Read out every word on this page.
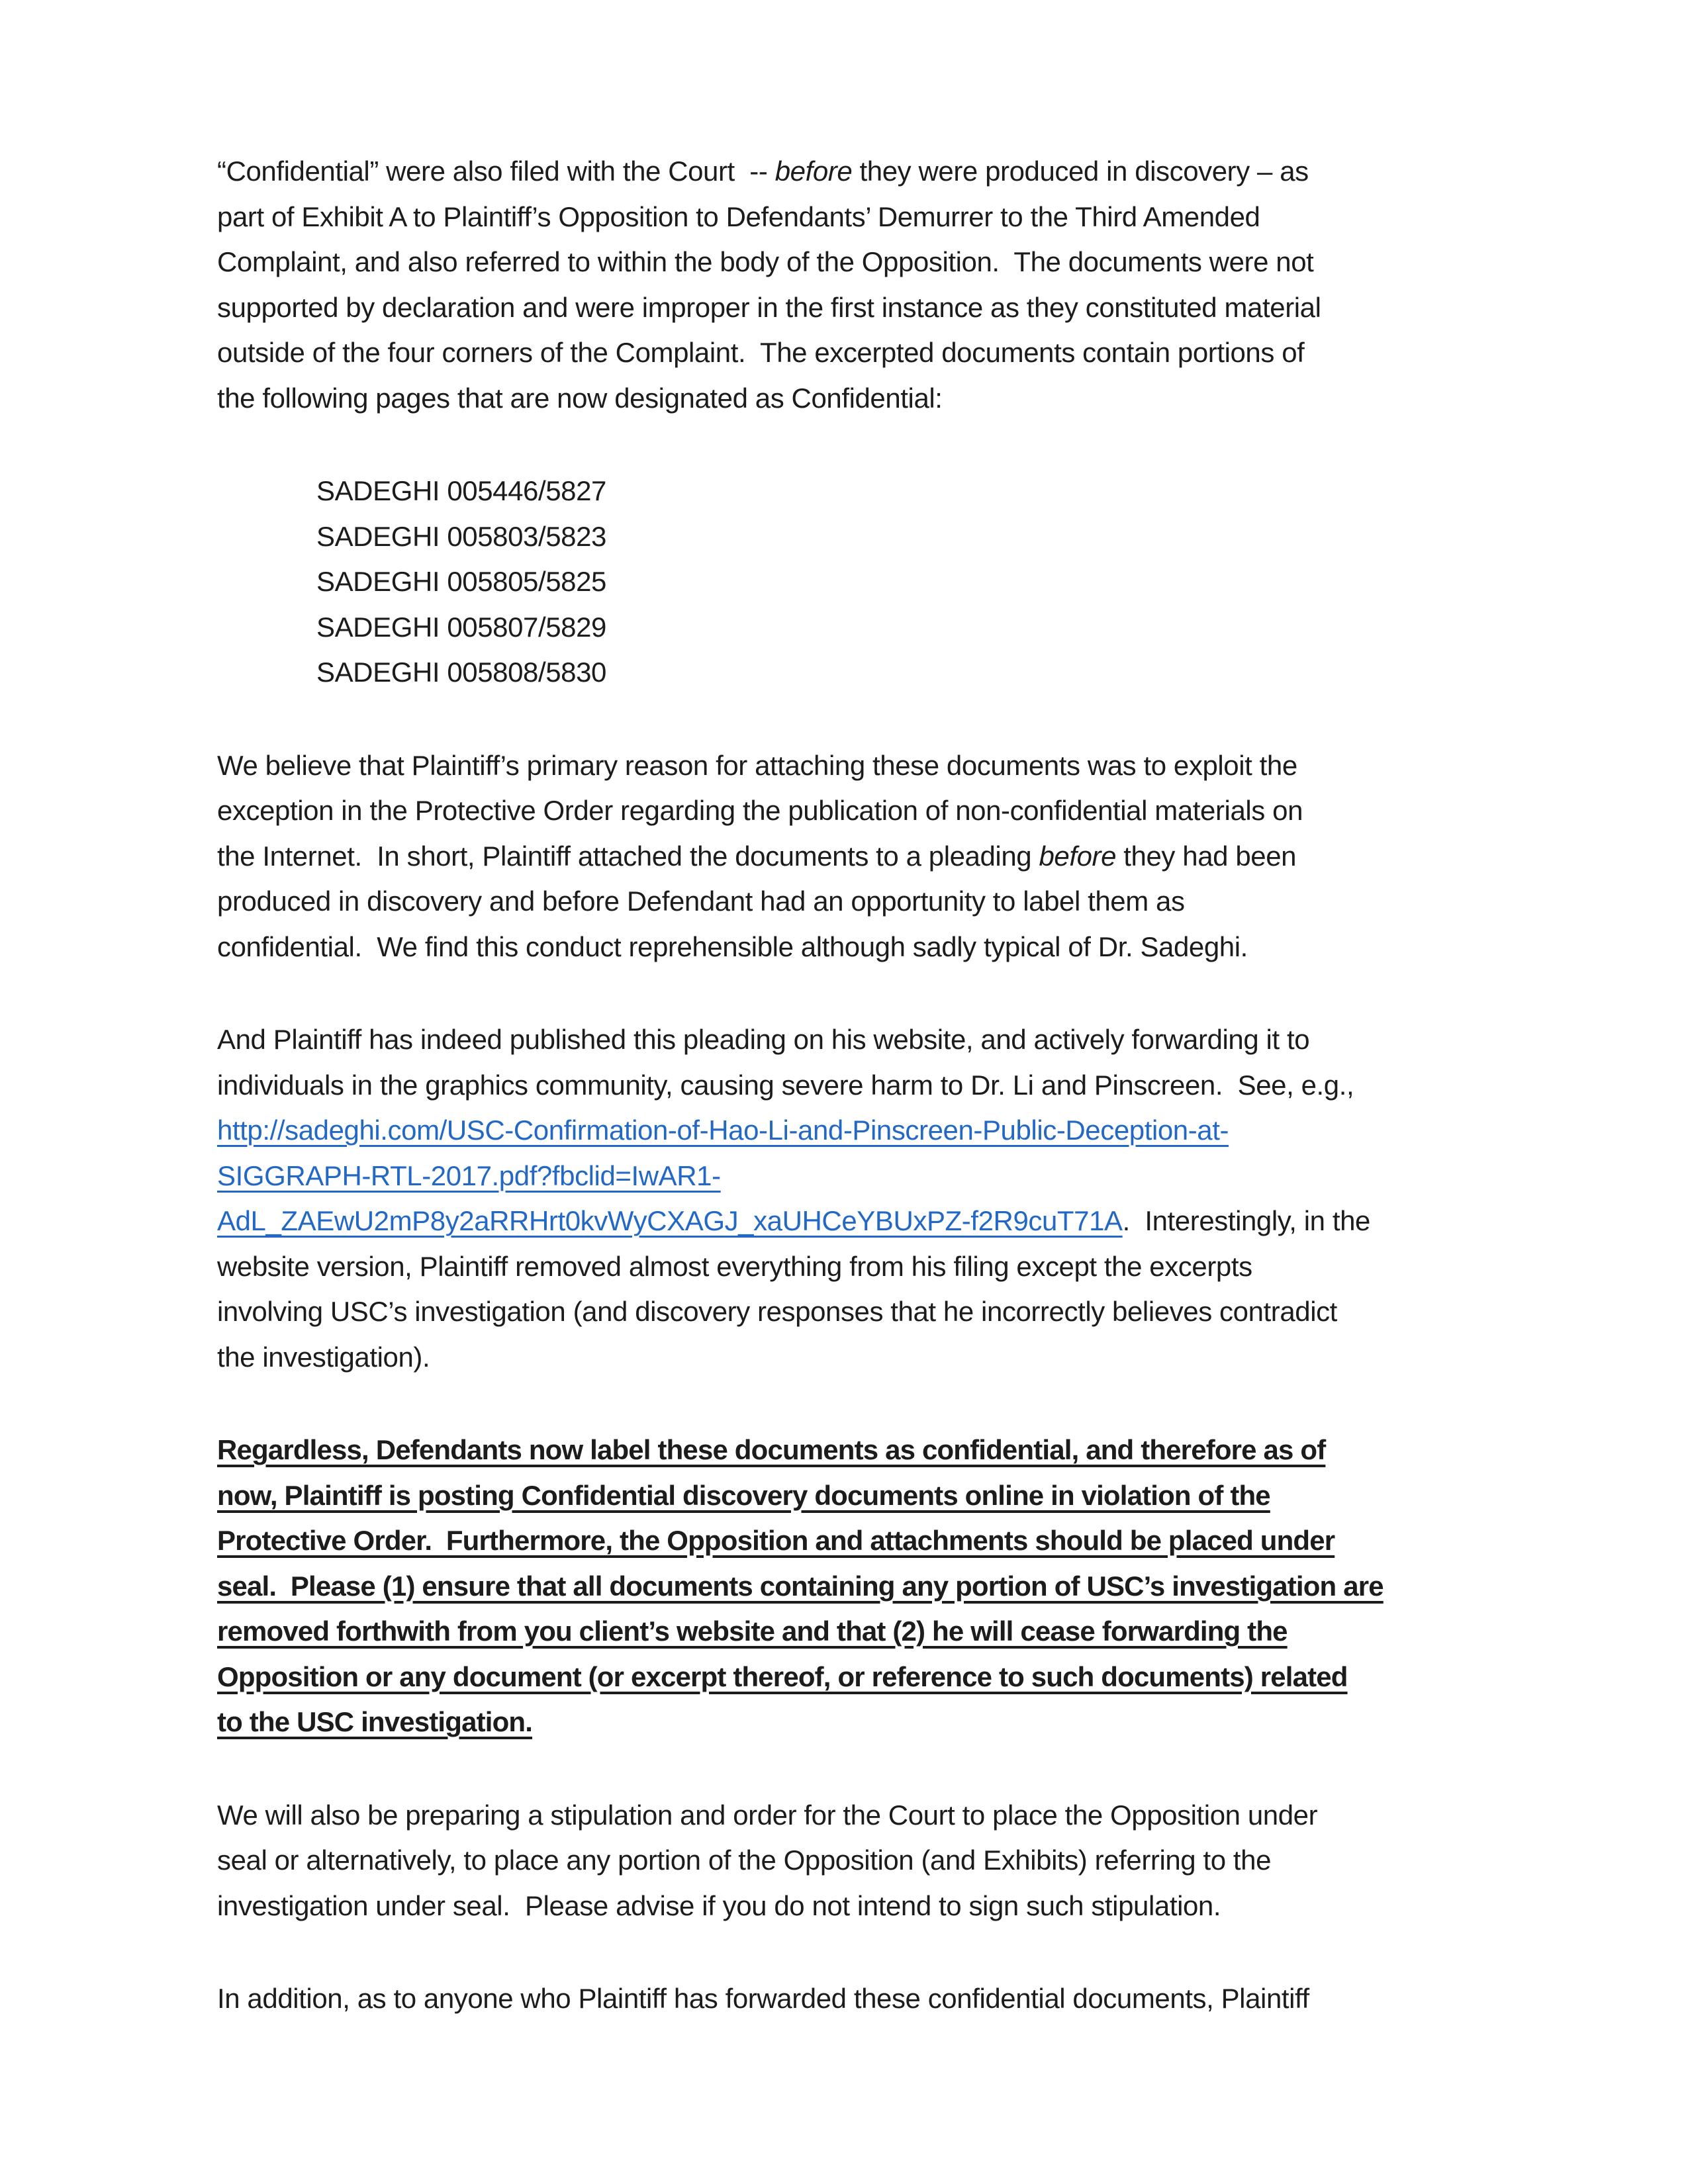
“Confidential” were also filed with the Court  -- before they were produced in discovery – as
part of Exhibit A to Plaintiff’s Opposition to Defendants’ Demurrer to the Third Amended
Complaint, and also referred to within the body of the Opposition.  The documents were not
supported by declaration and were improper in the first instance as they constituted material
outside of the four corners of the Complaint.  The excerpted documents contain portions of
the following pages that are now designated as Confidential:
SADEGHI 005446/5827
SADEGHI 005803/5823
SADEGHI 005805/5825
SADEGHI 005807/5829
SADEGHI 005808/5830
We believe that Plaintiff’s primary reason for attaching these documents was to exploit the
exception in the Protective Order regarding the publication of non-confidential materials on
the Internet.  In short, Plaintiff attached the documents to a pleading before they had been
produced in discovery and before Defendant had an opportunity to label them as
confidential.  We find this conduct reprehensible although sadly typical of Dr. Sadeghi.
And Plaintiff has indeed published this pleading on his website, and actively forwarding it to
individuals in the graphics community, causing severe harm to Dr. Li and Pinscreen.  See, e.g.,
http://sadeghi.com/USC-Confirmation-of-Hao-Li-and-Pinscreen-Public-Deception-at-
SIGGRAPH-RTL-2017.pdf?fbclid=IwAR1-
AdL_ZAEwU2mP8y2aRRHrt0kvWyCXAGJ_xaUHCeYBUxPZ-f2R9cuT71A.  Interestingly, in the
website version, Plaintiff removed almost everything from his filing except the excerpts
involving USC’s investigation (and discovery responses that he incorrectly believes contradict
the investigation).
Regardless, Defendants now label these documents as confidential, and therefore as of
now, Plaintiff is posting Confidential discovery documents online in violation of the
Protective Order.  Furthermore, the Opposition and attachments should be placed under
seal.  Please (1) ensure that all documents containing any portion of USC’s investigation are
removed forthwith from you client’s website and that (2) he will cease forwarding the
Opposition or any document (or excerpt thereof, or reference to such documents) related
to the USC investigation.
We will also be preparing a stipulation and order for the Court to place the Opposition under
seal or alternatively, to place any portion of the Opposition (and Exhibits) referring to the
investigation under seal.  Please advise if you do not intend to sign such stipulation.
In addition, as to anyone who Plaintiff has forwarded these confidential documents, Plaintiff
